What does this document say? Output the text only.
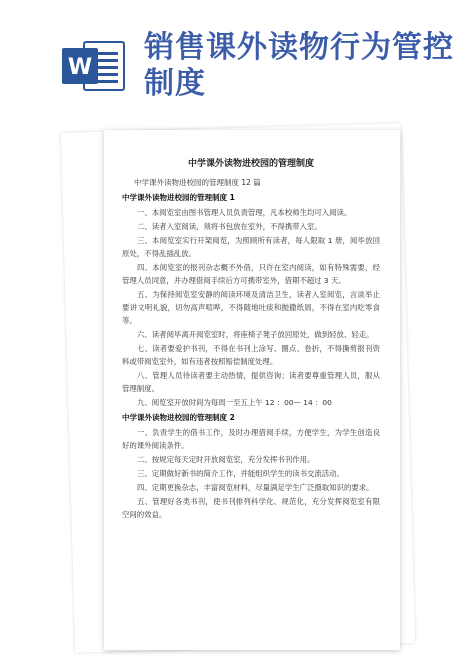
W
销售课外读物行为管控制度
中学课外读物进校园的管理制度
中学课外读物进校园的管理制度 12 篇
中学课外读物进校园的管理制度 1

一、本阅览室由图书管理人员负责管理，凡本校师生均可入阅读。

二、读者入室阅读，须将书包放在室外，不得携带入室。

三、本阅览室实行开架阅览，为照顾所有读者，每人限取 1 册，阅毕放回原处，不得乱插乱放。

四、本阅览室的报刊杂志概不外借，只许在室内阅读，如有特殊需要，经管理人员同意，并办理借阅手续后方可携带室外，借期不超过 3 天。

五、为保持阅览室安静的阅读环境及清洁卫生，读者入室阅览，言谈举止要讲文明礼貌，切勿高声喧哗，不得随地吐痰和抛撒纸屑，不得在室内吃零食等。

六、读者阅毕离开阅览室时，将座椅子凳子放回原处，做到轻放、轻走。

七、读者要爱护书刊，不得在书刊上涂写、圈点、卷折，不得撕剪报刊资料或带阅览室外，如有违者按照赔偿制度处理。

八、管理人员待读者要主动热情，提供咨询；读者要尊重管理人员，服从管理制度。

九、阅览室开放时间为每周一至五上午 12 ：00— 14 ：00

中学课外读物进校园的管理制度 2

一、负责学生的借书工作，及时办理借阅手续，方便学生，为学生创造良好的课外阅读条件。

二、按规定每天定时开放阅览室，充分发挥书刊作用。

三、定期做好新书的简介工作，并能组织学生的读书交流活动。

四、定期更换杂志，丰富阅览材料，尽量满足学生广泛摄取知识的要求。

五、管理好各类书刊，使书刊排列科学化、规范化，充分发挥阅览室有限空间的效益。
